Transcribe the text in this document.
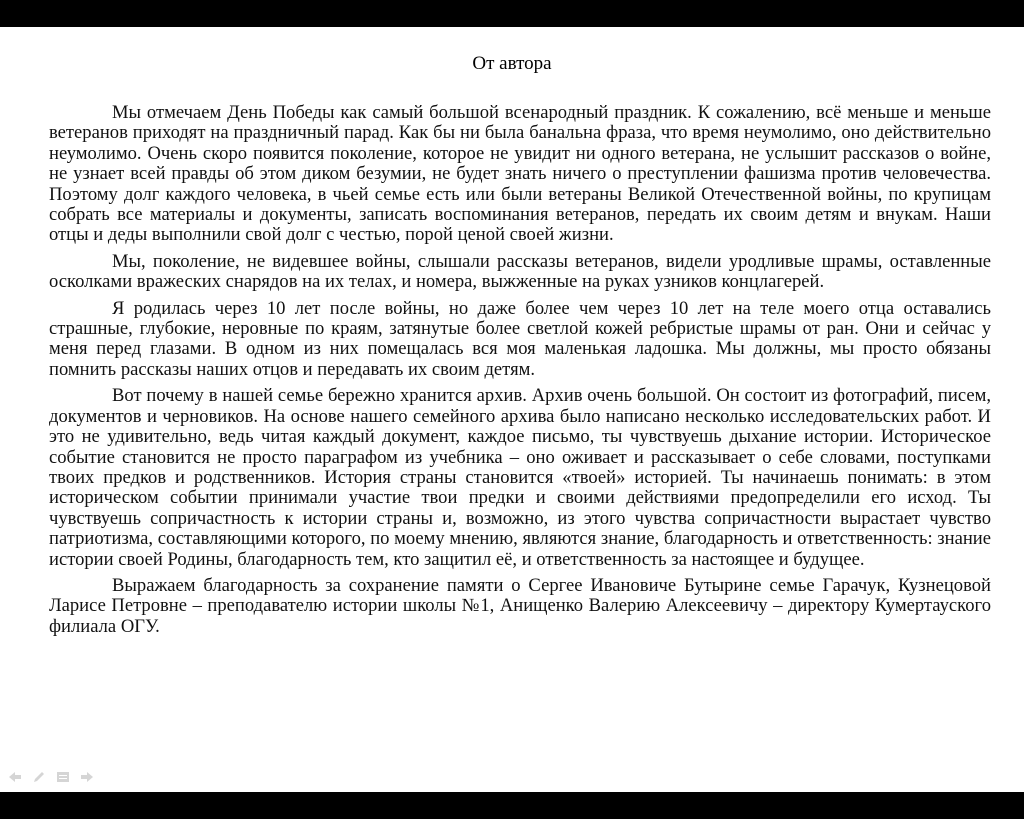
От автора

Мы отмечаем День Победы как самый большой всенародный праздник. К сожалению, всё меньше и меньше ветеранов приходят на праздничный парад. Как бы ни была банальна фраза, что время неумолимо, оно действительно неумолимо. Очень скоро появится поколение, которое не увидит ни одного ветерана, не услышит рассказов о войне, не узнает всей правды об этом диком безумии, не будет знать ничего о преступлении фашизма против человечества. Поэтому долг каждого человека, в чьей семье есть или были ветераны Великой Отечественной войны, по крупицам собрать все материалы и документы, записать воспоминания ветеранов, передать их своим детям и внукам. Наши отцы и деды выполнили свой долг с честью, порой ценой своей жизни.

Мы, поколение, не видевшее войны, слышали рассказы ветеранов, видели уродливые шрамы, оставленные осколками вражеских снарядов на их телах, и номера, выжженные на руках узников концлагерей.

Я родилась через 10 лет после войны, но даже более чем через 10 лет на теле моего отца оставались страшные, глубокие, неровные по краям, затянутые более светлой кожей ребристые шрамы от ран. Они и сейчас у меня перед глазами. В одном из них помещалась вся моя маленькая ладошка. Мы должны, мы просто обязаны помнить рассказы наших отцов и передавать их своим детям.

Вот почему в нашей семье бережно хранится архив. Архив очень большой. Он состоит из фотографий, писем, документов и черновиков. На основе нашего семейного архива было написано несколько исследовательских работ. И это не удивительно, ведь читая каждый документ, каждое письмо, ты чувствуешь дыхание истории. Историческое событие становится не просто параграфом из учебника – оно оживает и рассказывает о себе словами, поступками твоих предков и родственников. История страны становится «твоей» историей. Ты начинаешь понимать: в этом историческом событии принимали участие твои предки и своими действиями предопределили его исход. Ты чувствуешь сопричастность к истории страны и, возможно, из этого чувства сопричастности вырастает чувство патриотизма, составляющими которого, по моему мнению, являются знание, благодарность и ответственность: знание истории своей Родины, благодарность тем, кто защитил её, и ответственность за настоящее и будущее.

Выражаем благодарность за сохранение памяти о Сергее Ивановиче Бутырине семье Гарачук, Кузнецовой Ларисе Петровне – преподавателю истории школы №1, Анищенко Валерию Алексеевичу – директору Кумертауского филиала ОГУ.
